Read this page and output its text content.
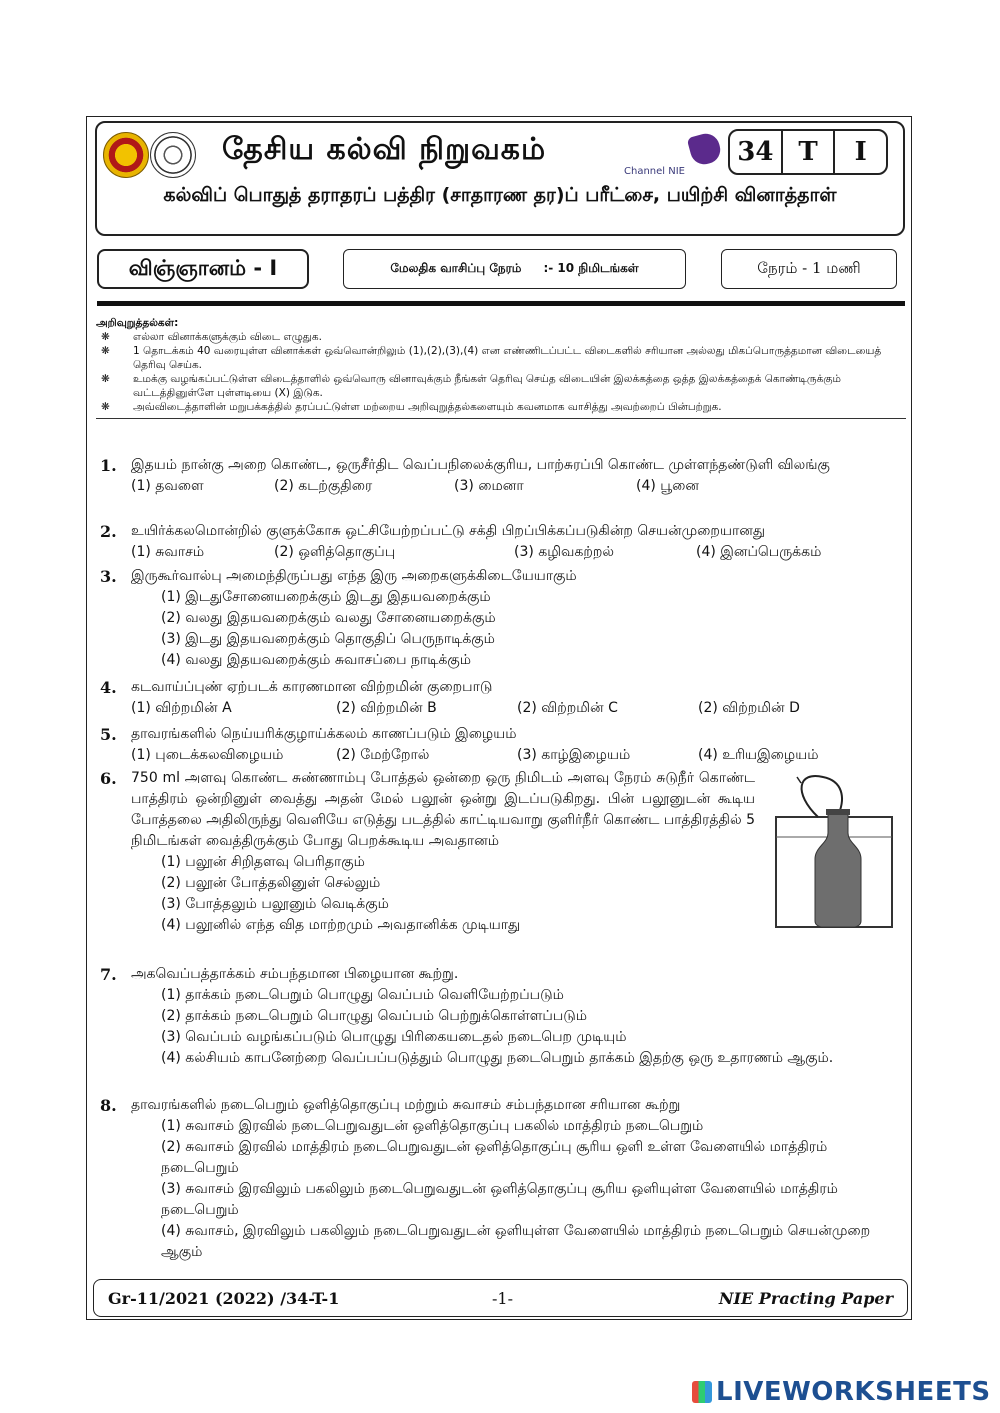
தேசிய கல்வி நிறுவகம்
Channel NIE
34 T	I
கல்விப் பொதுத் தராதரப் பத்திர (சாதாரண தர)ப் பரீட்சை, பயிற்சி வினாத்தாள்
விஞ்ஞானம் - I	மேலதிக வாசிப்பு நேரம் :- 10 நிமிடங்கள்	நேரம் - 1 மணி
அறிவுறுத்தல்கள்:
❋ எல்லா வினாக்களுக்கும் விடை எழுதுக.
❋ 1 தொடக்கம் 40 வரையுள்ள வினாக்கள் ஒவ்வொன்றிலும் (1),(2),(3),(4) என எண்ணிடப்பட்ட விடைகளில் சரியான அல்லது மிகப்பொருத்தமான விடையைத் தெரிவு செய்க.
❋ உமக்கு வழங்கப்பட்டுள்ள விடைத்தாளில் ஒவ்வொரு வினாவுக்கும் நீங்கள் தெரிவு செய்த விடையின் இலக்கத்தை ஒத்த இலக்கத்தைக் கொண்டிருக்கும் வட்டத்தினுள்ளே புள்ளடியை (X) இடுக.
❋ அவ்விடைத்தாளின் மறுபக்கத்தில் தரப்பட்டுள்ள மற்றைய அறிவுறுத்தல்களையும் கவனமாக வாசித்து அவற்றைப் பின்பற்றுக.
1. இதயம் நான்கு அறை கொண்ட, ஒருசீர்திட வெப்பநிலைக்குரிய, பாற்சுரப்பி கொண்ட முள்ளந்தண்டுளி விலங்கு
(1) தவளை	(2) கடற்குதிரை	(3) மைனா	(4) பூனை
2. உயிர்க்கலமொன்றில் குளுக்கோசு ஒட்சியேற்றப்பட்டு சக்தி பிறப்பிக்கப்படுகின்ற செயன்முறையானது
(1) சுவாசம்	(2) ஒளித்தொகுப்பு	(3) கழிவகற்றல்	(4) இனப்பெருக்கம்
3. இருகூர்வால்பு அமைந்திருப்பது எந்த இரு அறைகளுக்கிடையேயாகும்
(1) இடதுசோனையறைக்கும் இடது இதயவறைக்கும்
(2) வலது இதயவறைக்கும் வலது சோனையறைக்கும்
(3) இடது இதயவறைக்கும் தொகுதிப் பெருநாடிக்கும்
(4) வலது இதயவறைக்கும் சுவாசப்பை நாடிக்கும்
4. கடவாய்ப்புண் ஏற்படக் காரணமான விற்றமின் குறைபாடு
(1) விற்றமின் A	(2) விற்றமின் B	(2) விற்றமின் C	(2) விற்றமின் D
5. தாவரங்களில் நெய்யரிக்குழாய்க்கலம் காணப்படும் இழையம்
(1) புடைக்கலவிழையம்	(2) மேற்றோல்	(3) காழ்இழையம்	(4) உரியஇழையம்
6. 750 ml அளவு கொண்ட சுண்ணாம்பு போத்தல் ஒன்றை ஒரு நிமிடம் அளவு நேரம் சுடுநீர் கொண்ட பாத்திரம் ஒன்றினுள் வைத்து அதன் மேல் பலூன் ஒன்று இடப்படுகிறது. பின் பலூனுடன் கூடிய போத்தலை அதிலிருந்து வெளியே எடுத்து படத்தில் காட்டியவாறு குளிர்நீர் கொண்ட பாத்திரத்தில் 5 நிமிடங்கள் வைத்திருக்கும் போது பெறக்கூடிய அவதானம்
(1) பலூன் சிறிதளவு பெரிதாகும்
(2) பலூன் போத்தலினுள் செல்லும்
(3) போத்தலும் பலூனும் வெடிக்கும்
(4) பலூனில் எந்த வித மாற்றமும் அவதானிக்க முடியாது
7. அகவெப்பத்தாக்கம் சம்பந்தமான பிழையான கூற்று.
(1) தாக்கம் நடைபெறும் பொழுது வெப்பம் வெளியேற்றப்படும்
(2) தாக்கம் நடைபெறும் பொழுது வெப்பம் பெற்றுக்கொள்ளப்படும்
(3) வெப்பம் வழங்கப்படும் பொழுது பிரிகையடைதல் நடைபெற முடியும்
(4) கல்சியம் காபனேற்றை வெப்பப்படுத்தும் பொழுது நடைபெறும் தாக்கம் இதற்கு ஒரு உதாரணம் ஆகும்.
8. தாவரங்களில் நடைபெறும் ஒளித்தொகுப்பு மற்றும் சுவாசம் சம்பந்தமான சரியான கூற்று
(1) சுவாசம் இரவில் நடைபெறுவதுடன் ஒளித்தொகுப்பு பகலில் மாத்திரம் நடைபெறும்
(2) சுவாசம் இரவில் மாத்திரம் நடைபெறுவதுடன் ஒளித்தொகுப்பு சூரிய ஒளி உள்ள வேளையில் மாத்திரம் நடைபெறும்
(3) சுவாசம் இரவிலும் பகலிலும் நடைபெறுவதுடன் ஒளித்தொகுப்பு சூரிய ஒளியுள்ள வேளையில் மாத்திரம் நடைபெறும்
(4) சுவாசம், இரவிலும் பகலிலும் நடைபெறுவதுடன் ஒளியுள்ள வேளையில் மாத்திரம் நடைபெறும் செயன்முறை ஆகும்
Gr-11/2021 (2022) /34-T-1	-1-	NIE Practing Paper
LIVEWORKSHEETS
